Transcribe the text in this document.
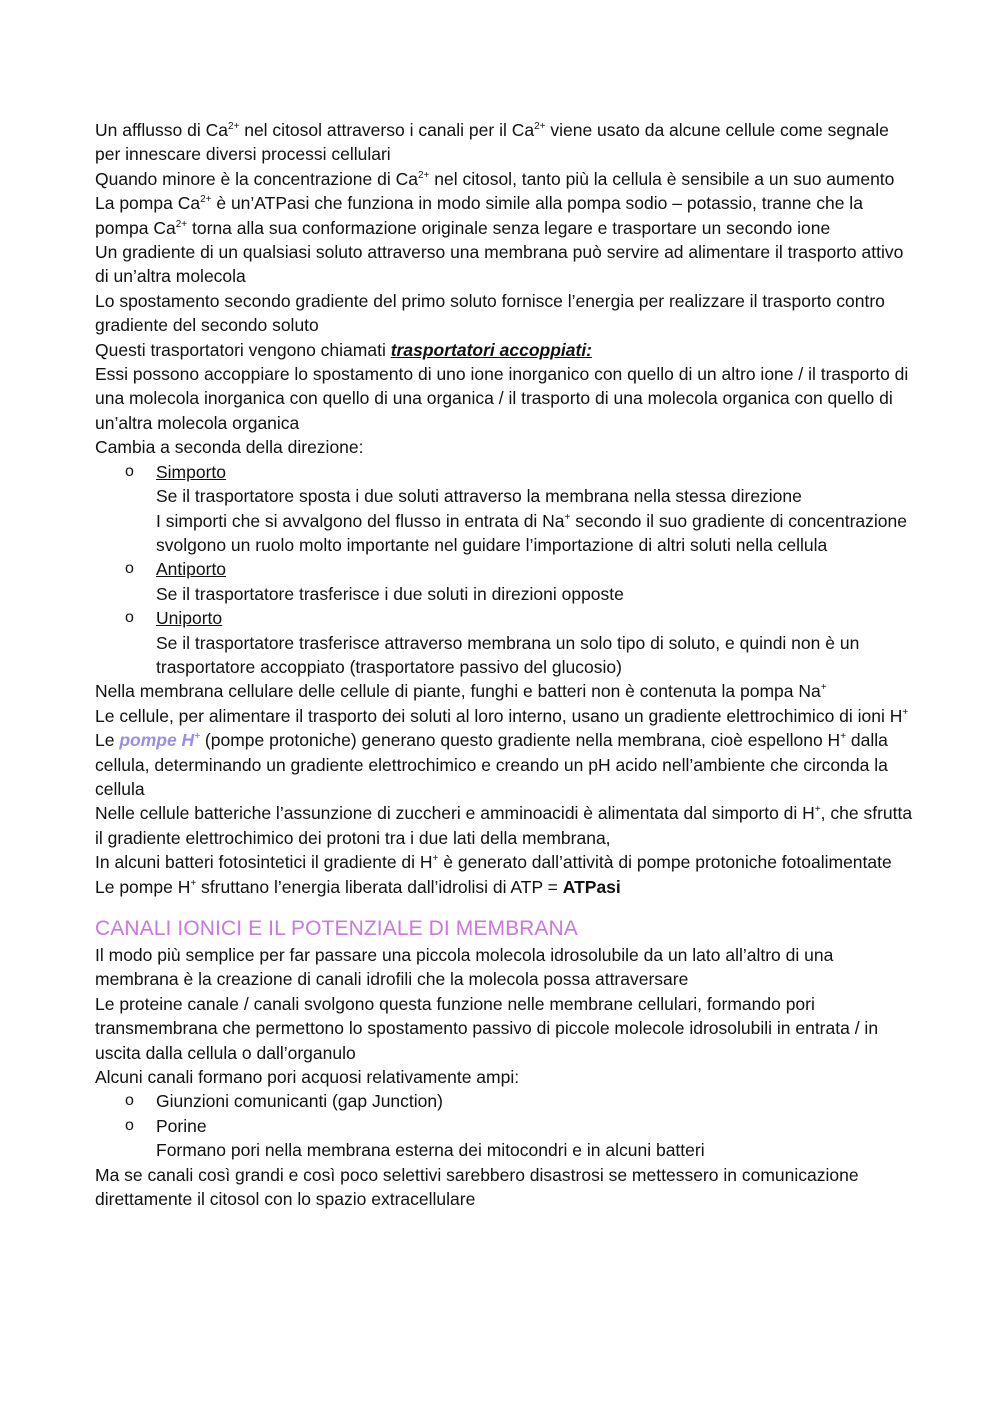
Un afflusso di $Ca^{2+}$ nel citosol attraverso i canali per il $Ca^{2+}$ viene usato da alcune cellule come segnale per innescare diversi processi cellulari

Quando minore è la concentrazione di $Ca^{2+}$ nel citosol, tanto più la cellula è sensibile a un suo aumento

La pompa $Ca^{2+}$ è un’ATPasi che funziona in modo simile alla pompa sodio – potassio, tranne che la pompa $Ca^{2+}$ torna alla sua conformazione originale senza legare e trasportare un secondo ione

Un gradiente di un qualsiasi soluto attraverso una membrana può servire ad alimentare il trasporto attivo di un’altra molecola

Lo spostamento secondo gradiente del primo soluto fornisce l’energia per realizzare il trasporto contro gradiente del secondo soluto

Questi trasportatori vengono chiamati trasportatori accoppiati:

Essi possono accoppiare lo spostamento di uno ione inorganico con quello di un altro ione / il trasporto di una molecola inorganica con quello di una organica / il trasporto di una molecola organica con quello di un’altra molecola organica

Cambia a seconda della direzione:

o Simporto
Se il trasportatore sposta i due soluti attraverso la membrana nella stessa direzione
I simporti che si avvalgono del flusso in entrata di Na+ secondo il suo gradiente di concentrazione svolgono un ruolo molto importante nel guidare l’importazione di altri soluti nella cellula
o Antiporto
Se il trasportatore trasferisce i due soluti in direzioni opposte
o Uniporto
Se il trasportatore trasferisce attraverso membrana un solo tipo di soluto, e quindi non è un trasportatore accoppiato (trasportatore passivo del glucosio)

Nella membrana cellulare delle cellule di piante, funghi e batteri non è contenuta la pompa Na+

Le cellule, per alimentare il trasporto dei soluti al loro interno, usano un gradiente elettrochimico di ioni H+

Le pompe H+ (pompe protoniche) generano questo gradiente nella membrana, cioè espellono H+ dalla cellula, determinando un gradiente elettrochimico e creando un pH acido nell’ambiente che circonda la cellula

Nelle cellule batteriche l’assunzione di zuccheri e amminoacidi è alimentata dal simporto di H+, che sfrutta il gradiente elettrochimico dei protoni tra i due lati della membrana,

In alcuni batteri fotosintetici il gradiente di H+ è generato dall’attività di pompe protoniche fotoalimentate

Le pompe H+ sfruttano l’energia liberata dall’idrolisi di ATP = ATPasi

CANALI IONICI E IL POTENZIALE DI MEMBRANA

Il modo più semplice per far passare una piccola molecola idrosolubile da un lato all’altro di una membrana è la creazione di canali idrofili che la molecola possa attraversare

Le proteine canale / canali svolgono questa funzione nelle membrane cellulari, formando pori transmembrana che permettono lo spostamento passivo di piccole molecole idrosolubili in entrata / in uscita dalla cellula o dall’organulo

Alcuni canali formano pori acquosi relativamente ampi:

o Giunzioni comunicanti (gap Junction)
o Porine
Formano pori nella membrana esterna dei mitocondri e in alcuni batteri

Ma se canali così grandi e così poco selettivi sarebbero disastrosi se mettessero in comunicazione direttamente il citosol con lo spazio extracellulare
